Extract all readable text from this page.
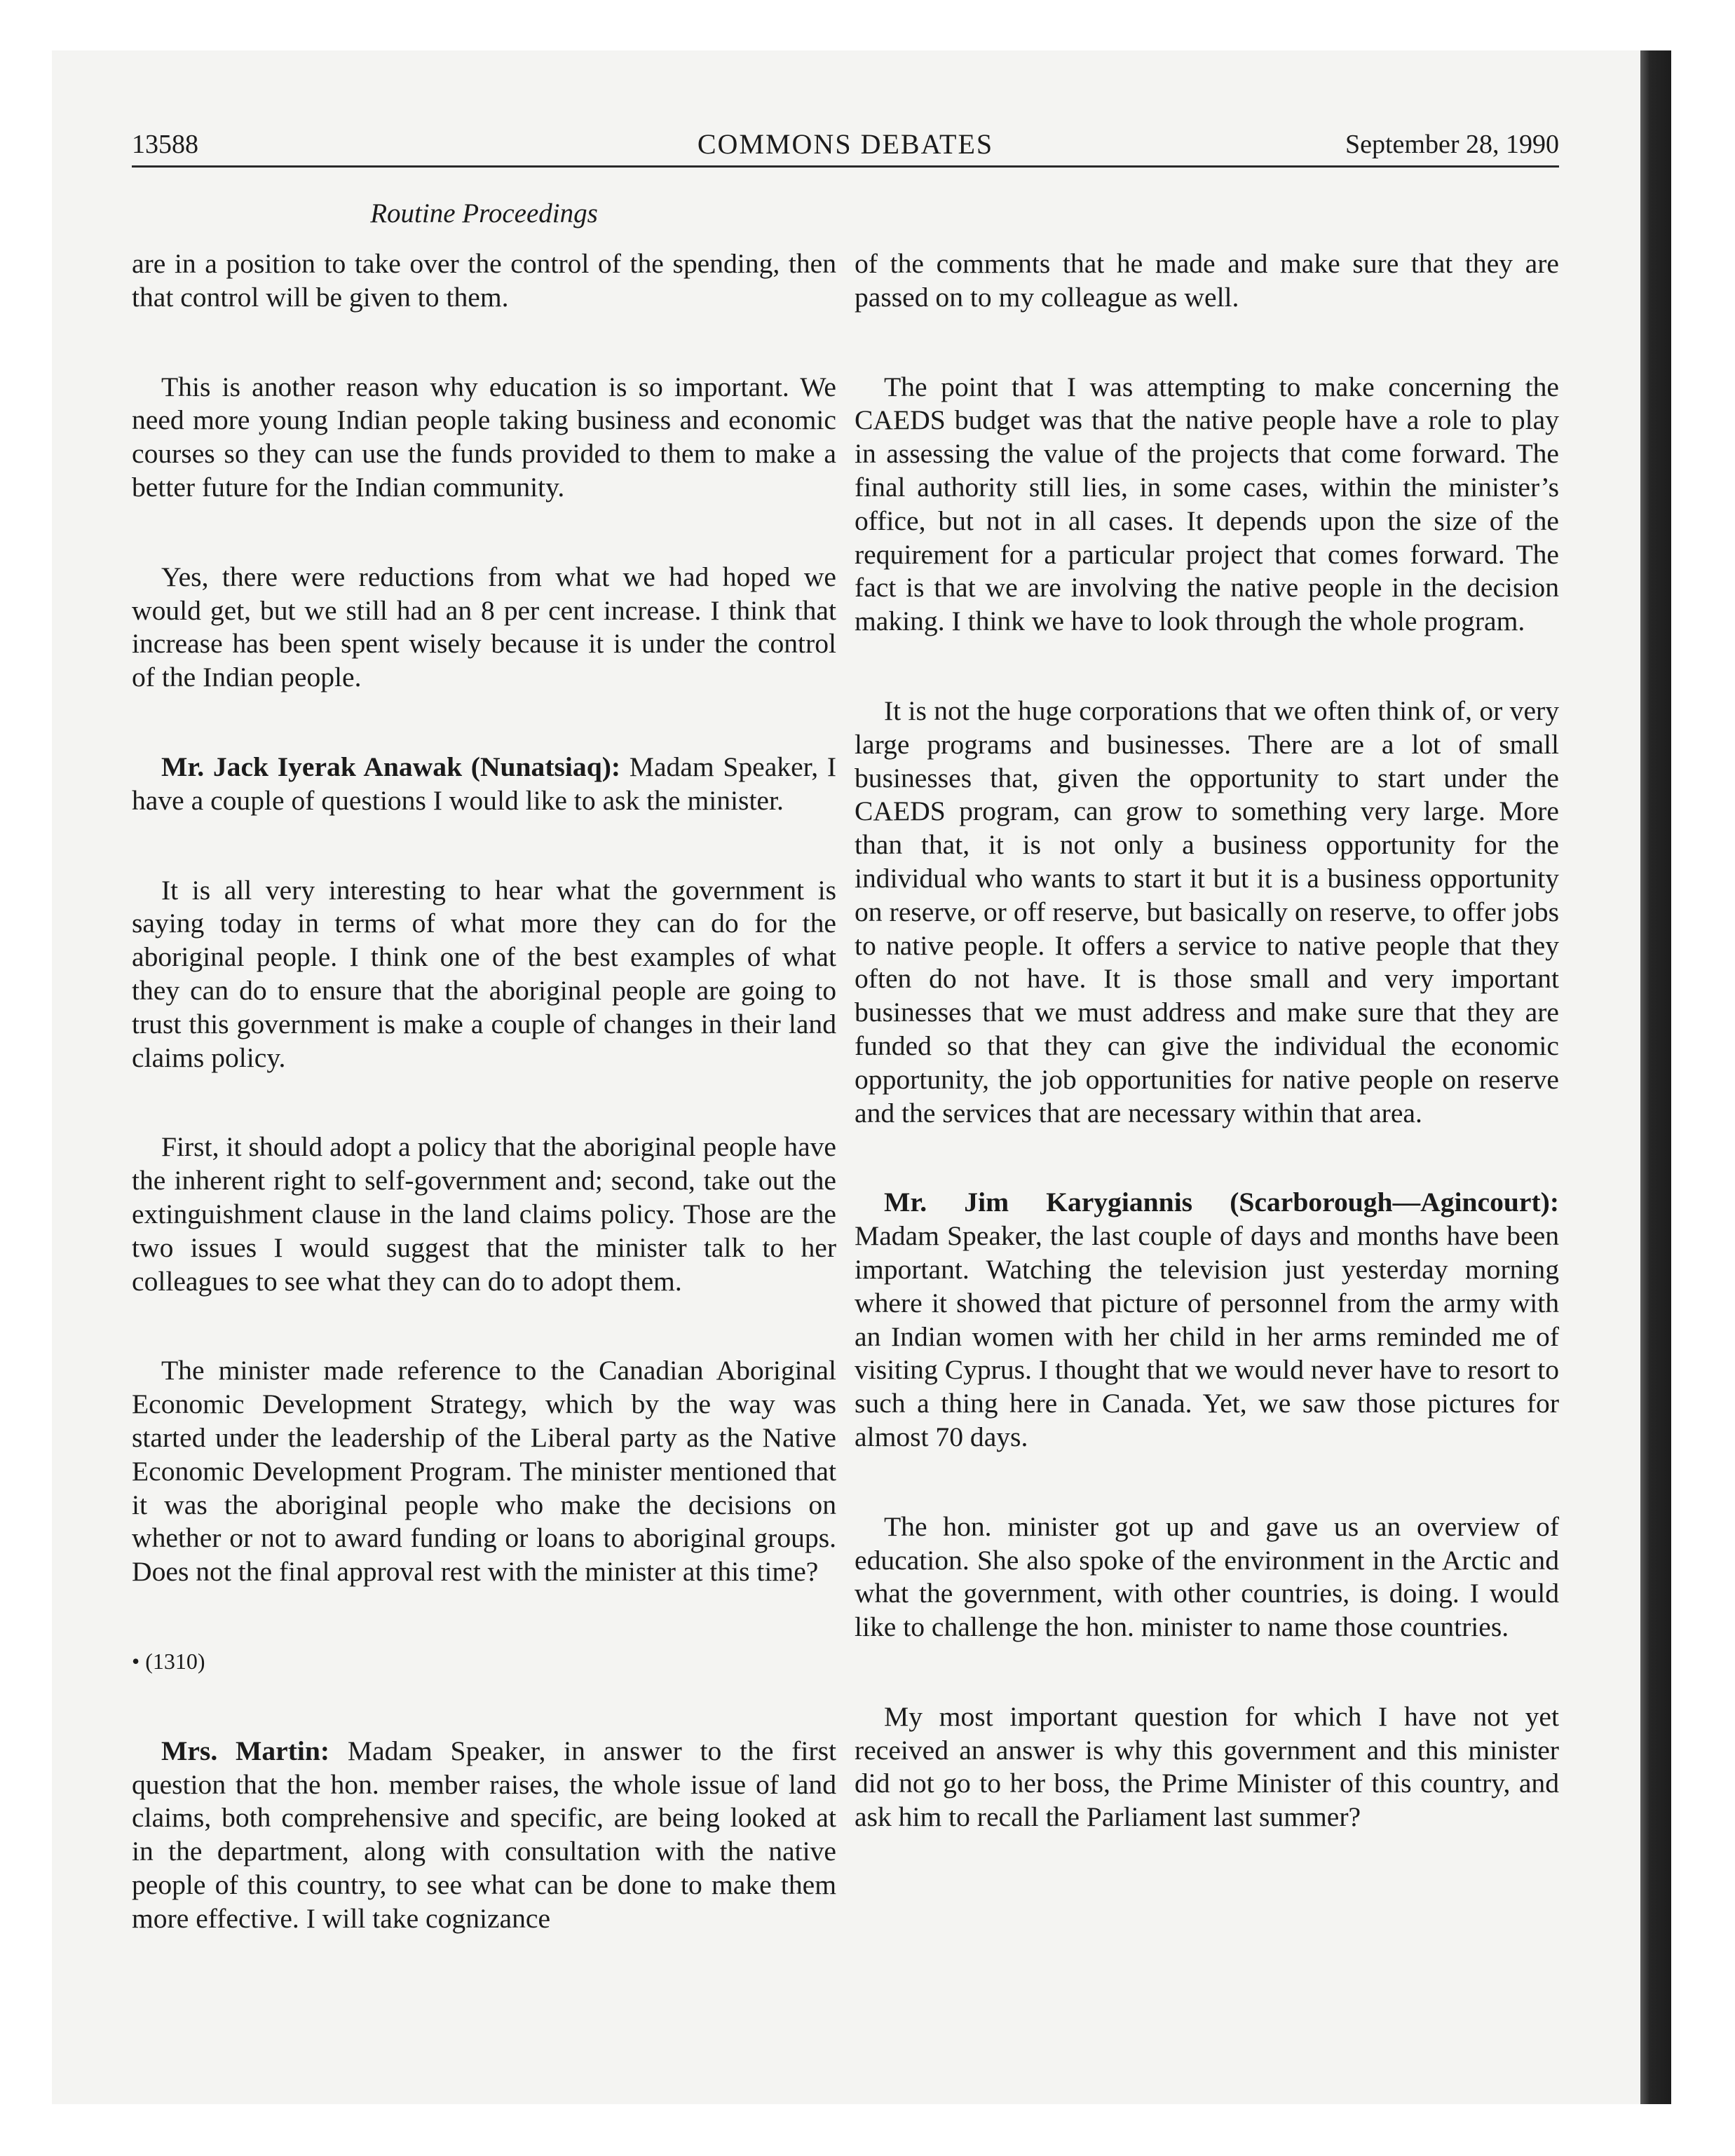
13588	COMMONS DEBATES	September 28, 1990
Routine Proceedings

are in a position to take over the control of the spending, then that control will be given to them.

This is another reason why education is so important. We need more young Indian people taking business and economic courses so they can use the funds provided to them to make a better future for the Indian community.

Yes, there were reductions from what we had hoped we would get, but we still had an 8 per cent increase. I think that increase has been spent wisely because it is under the control of the Indian people.

Mr. Jack Iyerak Anawak (Nunatsiaq): Madam Speaker, I have a couple of questions I would like to ask the minister.

It is all very interesting to hear what the government is saying today in terms of what more they can do for the aboriginal people. I think one of the best examples of what they can do to ensure that the aboriginal people are going to trust this government is make a couple of changes in their land claims policy.

First, it should adopt a policy that the aboriginal people have the inherent right to self-government and; second, take out the extinguishment clause in the land claims policy. Those are the two issues I would suggest that the minister talk to her colleagues to see what they can do to adopt them.

The minister made reference to the Canadian Aboriginal Economic Development Strategy, which by the way was started under the leadership of the Liberal party as the Native Economic Development Program. The minister mentioned that it was the aboriginal people who make the decisions on whether or not to award funding or loans to aboriginal groups. Does not the final approval rest with the minister at this time?

• (1310)

Mrs. Martin: Madam Speaker, in answer to the first question that the hon. member raises, the whole issue of land claims, both comprehensive and specific, are being looked at in the department, along with consultation with the native people of this country, to see what can be done to make them more effective. I will take cognizance

of the comments that he made and make sure that they are passed on to my colleague as well.

The point that I was attempting to make concerning the CAEDS budget was that the native people have a role to play in assessing the value of the projects that come forward. The final authority still lies, in some cases, within the minister’s office, but not in all cases. It depends upon the size of the requirement for a particular project that comes forward. The fact is that we are involving the native people in the decision making. I think we have to look through the whole program.

It is not the huge corporations that we often think of, or very large programs and businesses. There are a lot of small businesses that, given the opportunity to start under the CAEDS program, can grow to something very large. More than that, it is not only a business opportunity for the individual who wants to start it but it is a business opportunity on reserve, or off reserve, but basically on reserve, to offer jobs to native people. It offers a service to native people that they often do not have. It is those small and very important businesses that we must address and make sure that they are funded so that they can give the individual the economic opportunity, the job opportunities for native people on reserve and the services that are necessary within that area.

Mr. Jim Karygiannis (Scarborough—Agincourt): Madam Speaker, the last couple of days and months have been important. Watching the television just yesterday morning where it showed that picture of personnel from the army with an Indian women with her child in her arms reminded me of visiting Cyprus. I thought that we would never have to resort to such a thing here in Canada. Yet, we saw those pictures for almost 70 days.

The hon. minister got up and gave us an overview of education. She also spoke of the environment in the Arctic and what the government, with other countries, is doing. I would like to challenge the hon. minister to name those countries.

My most important question for which I have not yet received an answer is why this government and this minister did not go to her boss, the Prime Minister of this country, and ask him to recall the Parliament last summer?
